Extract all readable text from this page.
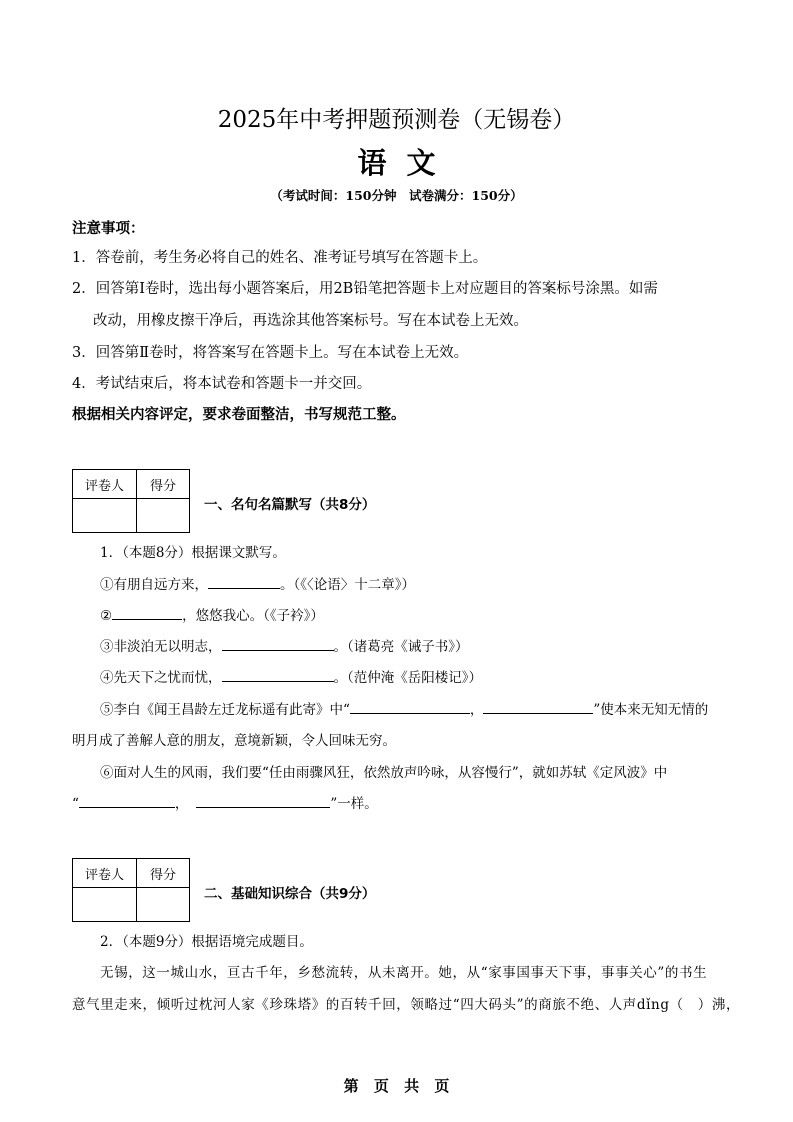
2025年中考押题预测卷（无锡卷）
语文
（考试时间：150分钟　试卷满分：150分）
注意事项：
1．答卷前，考生务必将自己的姓名、准考证号填写在答题卡上。
2．回答第Ⅰ卷时，选出每小题答案后，用2B铅笔把答题卡上对应题目的答案标号涂黑。如需
改动，用橡皮擦干净后，再选涂其他答案标号。写在本试卷上无效。
3．回答第Ⅱ卷时，将答案写在答题卡上。写在本试卷上无效。
4．考试结束后，将本试卷和答题卡一并交回。
根据相关内容评定，要求卷面整洁，书写规范工整。
评卷人	得分

一、名句名篇默写（共8分）
1．（本题8分）根据课文默写。
①有朋自远方来，	。（《〈论语〉十二章》）
②	，悠悠我心。（《子衿》）
③非淡泊无以明志，	。（诸葛亮《诫子书》）
④先天下之忧而忧，	。（范仲淹《岳阳楼记》）
⑤李白《闻王昌龄左迁龙标遥有此寄》中“	，	”使本来无知无情的
明月成了善解人意的朋友，意境新颖，令人回味无穷。
⑥面对人生的风雨，我们要“任由雨骤风狂，依然放声吟咏，从容慢行”，就如苏轼《定风波》中
“	，	”一样。
评卷人	得分

二、基础知识综合（共9分）
2．（本题9分）根据语境完成题目。
无锡，这一城山水，亘古千年，乡愁流转，从未离开。她，从“家事国事天下事，事事关心”的书生
意气里走来，倾听过枕河人家《珍珠塔》的百转千回，领略过“四大码头”的商旅不绝、人声dǐng（　）沸，
第 页 共 页
